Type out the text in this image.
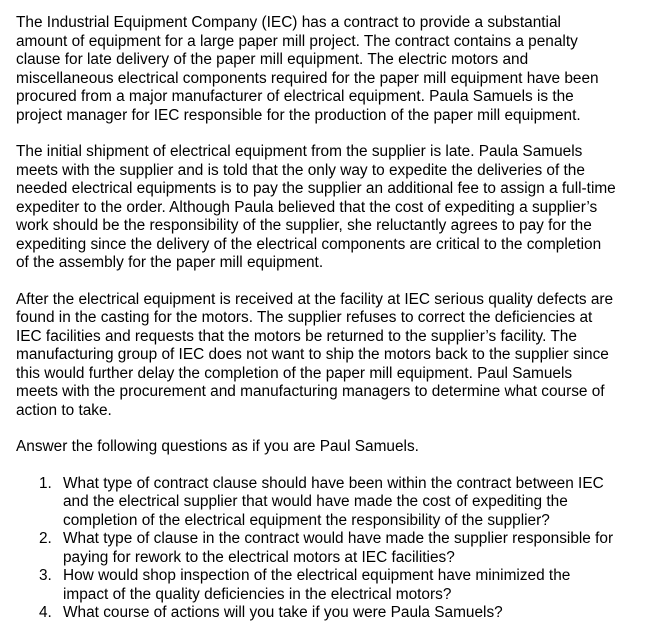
The Industrial Equipment Company (IEC) has a contract to provide a substantial
amount of equipment for a large paper mill project. The contract contains a penalty
clause for late delivery of the paper mill equipment. The electric motors and
miscellaneous electrical components required for the paper mill equipment have been
procured from a major manufacturer of electrical equipment. Paula Samuels is the
project manager for IEC responsible for the production of the paper mill equipment.

The initial shipment of electrical equipment from the supplier is late. Paula Samuels
meets with the supplier and is told that the only way to expedite the deliveries of the
needed electrical equipments is to pay the supplier an additional fee to assign a full-time
expediter to the order. Although Paula believed that the cost of expediting a supplier’s
work should be the responsibility of the supplier, she reluctantly agrees to pay for the
expediting since the delivery of the electrical components are critical to the completion
of the assembly for the paper mill equipment.

After the electrical equipment is received at the facility at IEC serious quality defects are
found in the casting for the motors. The supplier refuses to correct the deficiencies at
IEC facilities and requests that the motors be returned to the supplier’s facility. The
manufacturing group of IEC does not want to ship the motors back to the supplier since
this would further delay the completion of the paper mill equipment. Paul Samuels
meets with the procurement and manufacturing managers to determine what course of
action to take.

Answer the following questions as if you are Paul Samuels.

1. What type of contract clause should have been within the contract between IEC
and the electrical supplier that would have made the cost of expediting the
completion of the electrical equipment the responsibility of the supplier?
2. What type of clause in the contract would have made the supplier responsible for
paying for rework to the electrical motors at IEC facilities?
3. How would shop inspection of the electrical equipment have minimized the
impact of the quality deficiencies in the electrical motors?
4. What course of actions will you take if you were Paula Samuels?
